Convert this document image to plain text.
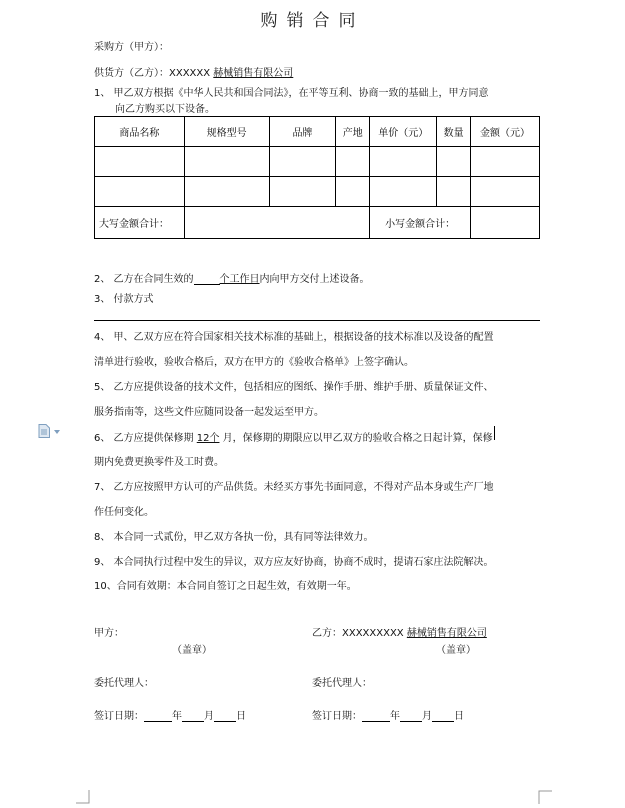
购销合同
采购方（甲方）：
供货方（乙方）：XXXXXX 赫械销售有限公司
1、 甲乙双方根据《中华人民共和国合同法》，在平等互利、协商一致的基础上，甲方同意
向乙方购买以下设备。
商品名称	规格型号	品牌	产地	单价（元）	数量	金额（元）

大写金额合计：				小写金额合计：		
2、 乙方在合同生效的	个工作日内向甲方交付上述设备。
3、 付款方式
4、 甲、乙双方应在符合国家相关技术标准的基础上，根据设备的技术标准以及设备的配置
清单进行验收，验收合格后，双方在甲方的《验收合格单》上签字确认。
5、 乙方应提供设备的技术文件，包括相应的图纸、操作手册、维护手册、质量保证文件、
服务指南等，这些文件应随同设备一起发运至甲方。
6、 乙方应提供保修期 12个 月，保修期的期限应以甲乙双方的验收合格之日起计算，保修
期内免费更换零件及工时费。
7、 乙方应按照甲方认可的产品供货。未经买方事先书面同意，不得对产品本身或生产厂地
作任何变化。
8、 本合同一式贰份，甲乙双方各执一份，具有同等法律效力。
9、 本合同执行过程中发生的异议，双方应友好协商，协商不成时，提请石家庄法院解决。
10、合同有效期：本合同自签订之日起生效，有效期一年。
甲方：	乙方：XXXXXXXXX 赫械销售有限公司
（盖章）	（盖章）
委托代理人：	委托代理人：
签订日期：	年 月 日	签订日期：	年 月 日
